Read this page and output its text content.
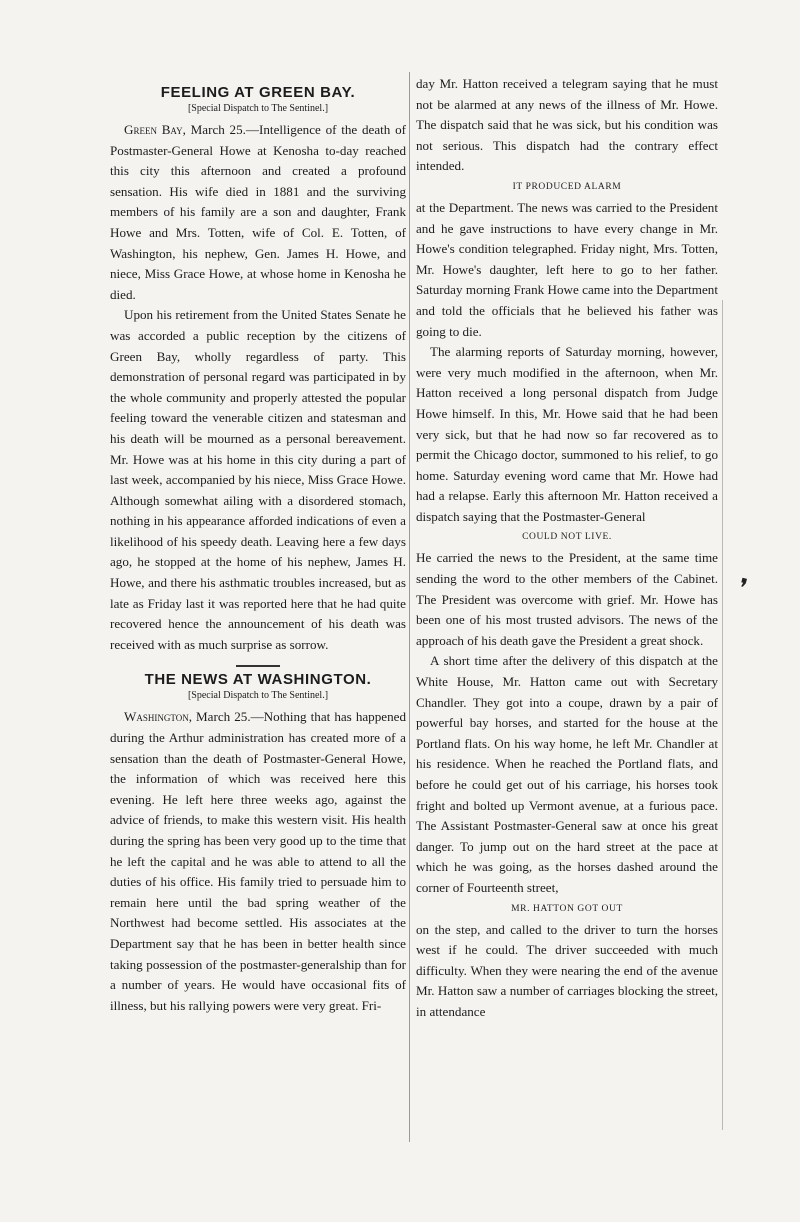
❜
FEELING AT GREEN BAY.
[Special Dispatch to The Sentinel.]

Green Bay, March 25.—Intelligence of the death of Postmaster-General Howe at Kenosha to-day reached this city this afternoon and created a profound sensation. His wife died in 1881 and the surviving members of his family are a son and daughter, Frank Howe and Mrs. Totten, wife of Col. E. Totten, of Washington, his nephew, Gen. James H. Howe, and niece, Miss Grace Howe, at whose home in Kenosha he died.

Upon his retirement from the United States Senate he was accorded a public reception by the citizens of Green Bay, wholly regardless of party. This demonstration of personal regard was participated in by the whole community and properly attested the popular feeling toward the venerable citizen and statesman and his death will be mourned as a personal bereavement. Mr. Howe was at his home in this city during a part of last week, accompanied by his niece, Miss Grace Howe. Although somewhat ailing with a disordered stomach, nothing in his appearance afforded indications of even a likelihood of his speedy death. Leaving here a few days ago, he stopped at the home of his nephew, James H. Howe, and there his asthmatic troubles increased, but as late as Friday last it was reported here that he had quite recovered hence the announcement of his death was received with as much surprise as sorrow.

THE NEWS AT WASHINGTON.
[Special Dispatch to The Sentinel.]

Washington, March 25.—Nothing that has happened during the Arthur administration has created more of a sensation than the death of Postmaster-General Howe, the information of which was received here this evening. He left here three weeks ago, against the advice of friends, to make this western visit. His health during the spring has been very good up to the time that he left the capital and he was able to attend to all the duties of his office. His family tried to persuade him to remain here until the bad spring weather of the Northwest had become settled. His associates at the Department say that he has been in better health since taking possession of the postmaster-generalship than for a number of years. He would have occasional fits of illness, but his rallying powers were very great. Fri-

day Mr. Hatton received a telegram saying that he must not be alarmed at any news of the illness of Mr. Howe. The dispatch said that he was sick, but his condition was not serious. This dispatch had the contrary effect intended.

IT PRODUCED ALARM

at the Department. The news was carried to the President and he gave instructions to have every change in Mr. Howe's condition telegraphed. Friday night, Mrs. Totten, Mr. Howe's daughter, left here to go to her father. Saturday morning Frank Howe came into the Department and told the officials that he believed his father was going to die.

The alarming reports of Saturday morning, however, were very much modified in the afternoon, when Mr. Hatton received a long personal dispatch from Judge Howe himself. In this, Mr. Howe said that he had been very sick, but that he had now so far recovered as to permit the Chicago doctor, summoned to his relief, to go home. Saturday evening word came that Mr. Howe had had a relapse. Early this afternoon Mr. Hatton received a dispatch saying that the Postmaster-General

COULD NOT LIVE.

He carried the news to the President, at the same time sending the word to the other members of the Cabinet. The President was overcome with grief. Mr. Howe has been one of his most trusted advisors. The news of the approach of his death gave the President a great shock.

A short time after the delivery of this dispatch at the White House, Mr. Hatton came out with Secretary Chandler. They got into a coupe, drawn by a pair of powerful bay horses, and started for the house at the Portland flats. On his way home, he left Mr. Chandler at his residence. When he reached the Portland flats, and before he could get out of his carriage, his horses took fright and bolted up Vermont avenue, at a furious pace. The Assistant Postmaster-General saw at once his great danger. To jump out on the hard street at the pace at which he was going, as the horses dashed around the corner of Fourteenth street,

MR. HATTON GOT OUT

on the step, and called to the driver to turn the horses west if he could. The driver succeeded with much difficulty. When they were nearing the end of the avenue Mr. Hatton saw a number of carriages blocking the street, in attendance
